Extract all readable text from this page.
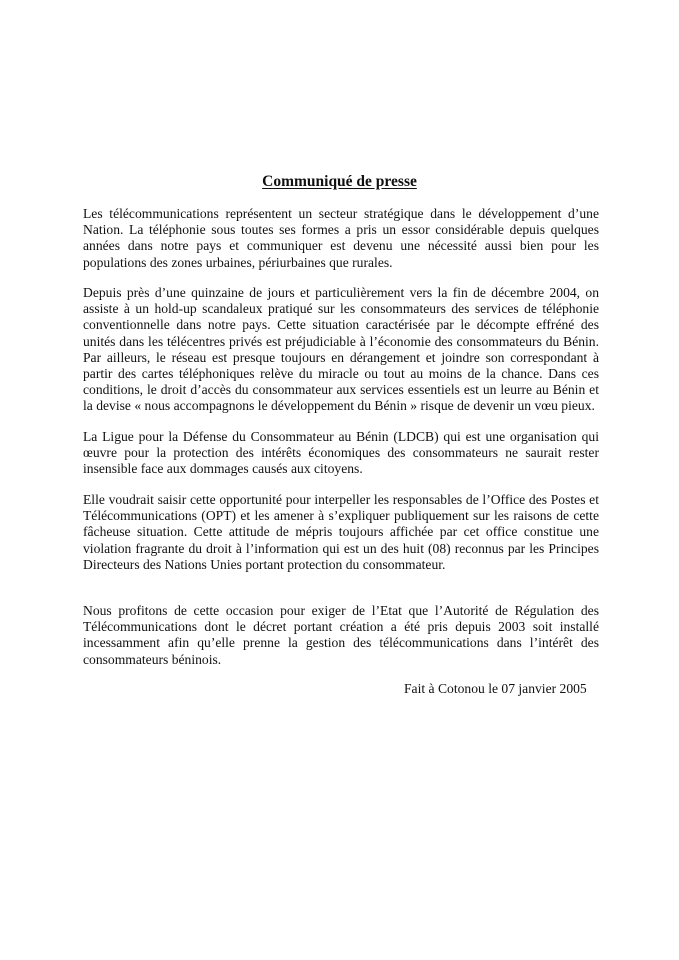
Communiqué de presse

Les télécommunications représentent un secteur stratégique dans le développement d’une Nation. La téléphonie sous toutes ses formes a pris un essor considérable depuis quelques années dans notre pays et communiquer est devenu une nécessité aussi bien pour les populations des zones urbaines, périurbaines que rurales.

Depuis près d’une quinzaine de jours et particulièrement vers la fin de décembre 2004, on assiste à un hold-up scandaleux pratiqué sur les consommateurs des services de téléphonie conventionnelle dans notre pays. Cette situation caractérisée par le décompte effréné des unités dans les télécentres privés est préjudiciable à l’économie des consommateurs du Bénin. Par ailleurs, le réseau est presque toujours en dérangement et joindre son correspondant à partir des cartes téléphoniques relève du miracle ou tout au moins de la chance. Dans ces conditions, le droit d’accès du consommateur aux services essentiels est un leurre au Bénin et la devise « nous accompagnons le développement du Bénin » risque de devenir un vœu pieux.

La Ligue pour la Défense du Consommateur au Bénin (LDCB) qui est une organisation qui œuvre pour la protection des intérêts économiques des consommateurs ne saurait rester insensible face aux dommages causés aux citoyens.

Elle voudrait saisir cette opportunité pour interpeller les responsables de l’Office des Postes et Télécommunications (OPT) et les amener à s’expliquer publiquement sur les raisons de cette fâcheuse situation. Cette attitude de mépris toujours affichée par cet office constitue une violation fragrante du droit à l’information qui est un des huit (08) reconnus par les Principes Directeurs des Nations Unies portant protection du consommateur.

Nous profitons de cette occasion pour exiger de l’Etat que l’Autorité de Régulation des Télécommunications dont le décret portant création a été pris depuis 2003 soit installé incessamment afin qu’elle prenne la gestion des télécommunications dans l’intérêt des consommateurs béninois.

Fait à Cotonou le 07 janvier 2005
